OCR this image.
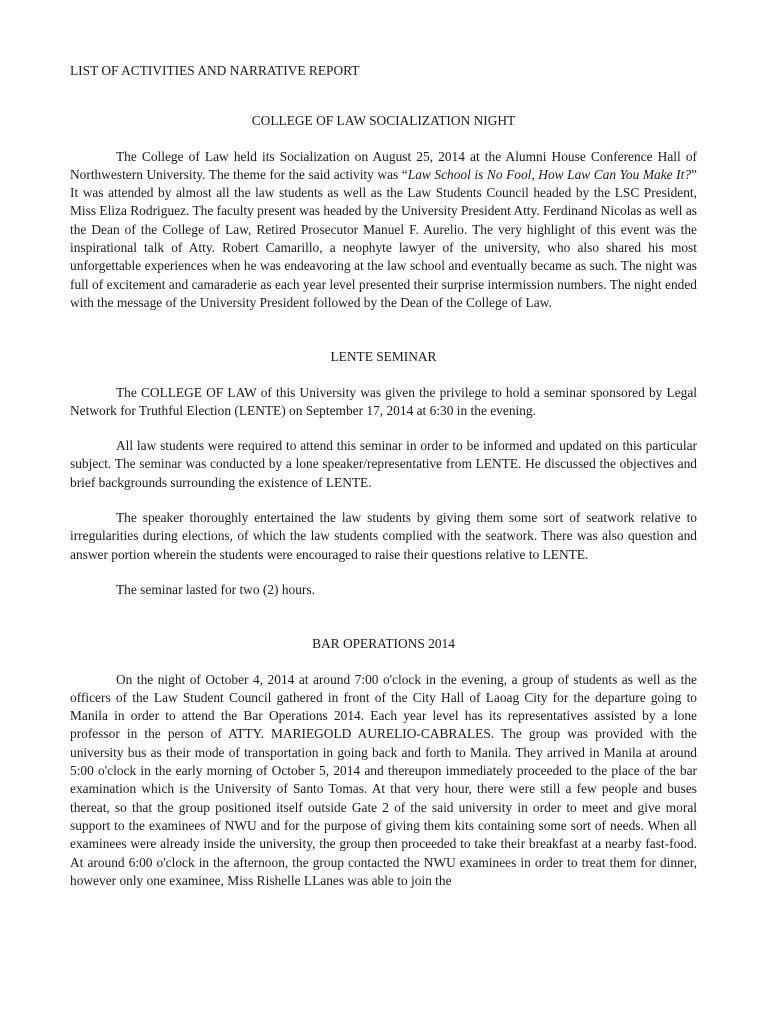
LIST OF ACTIVITIES AND NARRATIVE REPORT
COLLEGE OF LAW SOCIALIZATION NIGHT

The College of Law held its Socialization on August 25, 2014 at the Alumni House Conference Hall of Northwestern University. The theme for the said activity was “Law School is No Fool, How Law Can You Make It?” It was attended by almost all the law students as well as the Law Students Council headed by the LSC President, Miss Eliza Rodriguez. The faculty present was headed by the University President Atty. Ferdinand Nicolas as well as the Dean of the College of Law, Retired Prosecutor Manuel F. Aurelio. The very highlight of this event was the inspirational talk of Atty. Robert Camarillo, a neophyte lawyer of the university, who also shared his most unforgettable experiences when he was endeavoring at the law school and eventually became as such. The night was full of excitement and camaraderie as each year level presented their surprise intermission numbers. The night ended with the message of the University President followed by the Dean of the College of Law.

LENTE SEMINAR

The COLLEGE OF LAW of this University was given the privilege to hold a seminar sponsored by Legal Network for Truthful Election (LENTE) on September 17, 2014 at 6:30 in the evening.

All law students were required to attend this seminar in order to be informed and updated on this particular subject. The seminar was conducted by a lone speaker/representative from LENTE. He discussed the objectives and brief backgrounds surrounding the existence of LENTE.

The speaker thoroughly entertained the law students by giving them some sort of seatwork relative to irregularities during elections, of which the law students complied with the seatwork. There was also question and answer portion wherein the students were encouraged to raise their questions relative to LENTE.

The seminar lasted for two (2) hours.

BAR OPERATIONS 2014

On the night of October 4, 2014 at around 7:00 o'clock in the evening, a group of students as well as the officers of the Law Student Council gathered in front of the City Hall of Laoag City for the departure going to Manila in order to attend the Bar Operations 2014. Each year level has its representatives assisted by a lone professor in the person of ATTY. MARIEGOLD AURELIO-CABRALES. The group was provided with the university bus as their mode of transportation in going back and forth to Manila. They arrived in Manila at around 5:00 o'clock in the early morning of October 5, 2014 and thereupon immediately proceeded to the place of the bar examination which is the University of Santo Tomas. At that very hour, there were still a few people and buses thereat, so that the group positioned itself outside Gate 2 of the said university in order to meet and give moral support to the examinees of NWU and for the purpose of giving them kits containing some sort of needs. When all examinees were already inside the university, the group then proceeded to take their breakfast at a nearby fast-food. At around 6:00 o'clock in the afternoon, the group contacted the NWU examinees in order to treat them for dinner, however only one examinee, Miss Rishelle LLanes was able to join the
